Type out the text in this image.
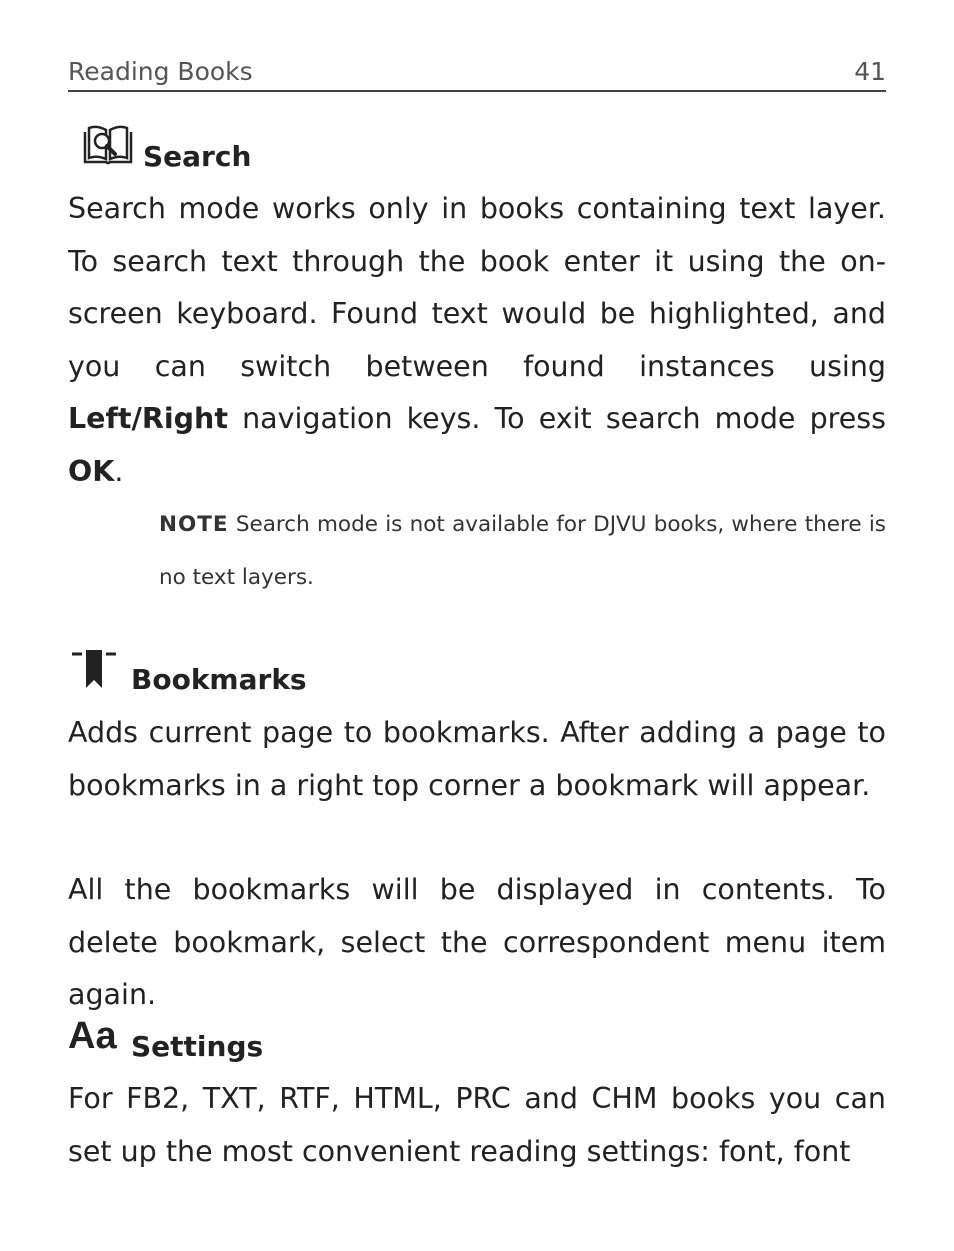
Reading Books	41
Search
Search mode works only in books containing text layer. To search text through the book enter it using the on-screen keyboard. Found text would be highlighted, and you can switch between found instances using Left/Right navigation keys. To exit search mode press OK.
NOTE Search mode is not available for DJVU books, where there is no text layers.
Bookmarks
Adds current page to bookmarks. After adding a page to bookmarks in a right top corner a bookmark will appear.
All the bookmarks will be displayed in contents. To delete bookmark, select the correspondent menu item again.
Aa Settings
For FB2, TXT, RTF, HTML, PRC and CHM books you can set up the most convenient reading settings: font, font
